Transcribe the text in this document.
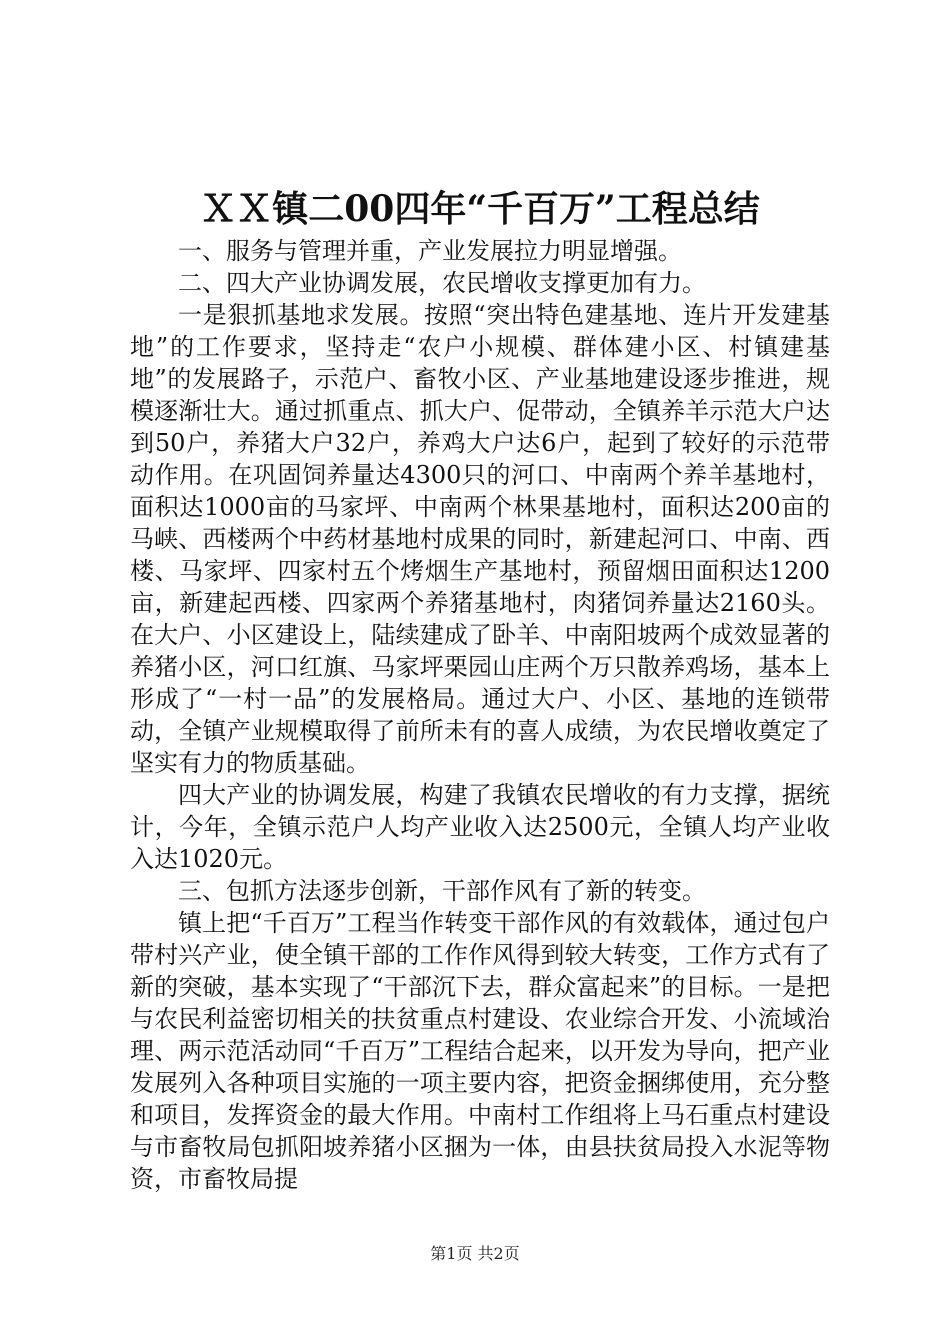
ＸＸ镇二00四年“千百万”工程总结

一、服务与管理并重，产业发展拉力明显增强。

二、四大产业协调发展，农民增收支撑更加有力。

一是狠抓基地求发展。按照“突出特色建基地、连片开发建基地”的工作要求，坚持走“农户小规模、群体建小区、村镇建基地”的发展路子，示范户、畜牧小区、产业基地建设逐步推进，规模逐渐壮大。通过抓重点、抓大户、促带动，全镇养羊示范大户达到50户，养猪大户32户，养鸡大户达6户，起到了较好的示范带动作用。在巩固饲养量达4300只的河口、中南两个养羊基地村，面积达1000亩的马家坪、中南两个林果基地村，面积达200亩的马峡、西楼两个中药材基地村成果的同时，新建起河口、中南、西楼、马家坪、四家村五个烤烟生产基地村，预留烟田面积达1200亩，新建起西楼、四家两个养猪基地村，肉猪饲养量达2160头。在大户、小区建设上，陆续建成了卧羊、中南阳坡两个成效显著的养猪小区，河口红旗、马家坪栗园山庄两个万只散养鸡场，基本上形成了“一村一品”的发展格局。通过大户、小区、基地的连锁带动，全镇产业规模取得了前所未有的喜人成绩，为农民增收奠定了坚实有力的物质基础。

四大产业的协调发展，构建了我镇农民增收的有力支撑，据统计，今年，全镇示范户人均产业收入达2500元，全镇人均产业收入达1020元。

三、包抓方法逐步创新，干部作风有了新的转变。

镇上把“千百万”工程当作转变干部作风的有效载体，通过包户带村兴产业，使全镇干部的工作作风得到较大转变，工作方式有了新的突破，基本实现了“干部沉下去，群众富起来”的目标。一是把与农民利益密切相关的扶贫重点村建设、农业综合开发、小流域治理、两示范活动同“千百万”工程结合起来，以开发为导向，把产业发展列入各种项目实施的一项主要内容，把资金捆绑使用，充分整和项目，发挥资金的最大作用。中南村工作组将上马石重点村建设与市畜牧局包抓阳坡养猪小区捆为一体，由县扶贫局投入水泥等物资，市畜牧局提

第1页 共2页
